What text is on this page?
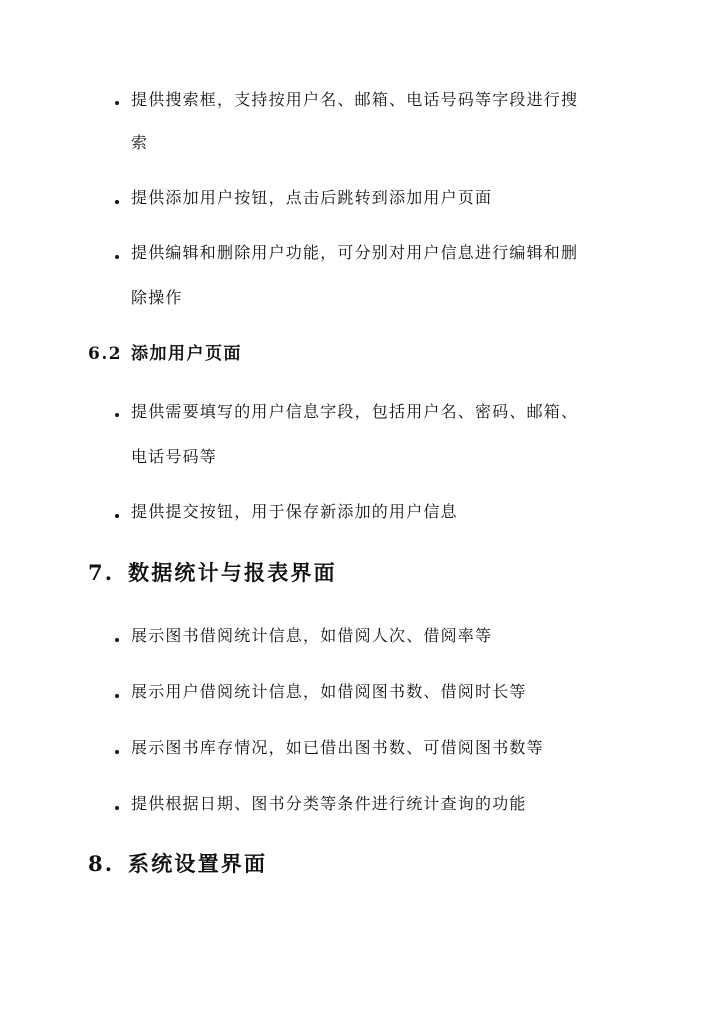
提供搜索框，支持按用户名、邮箱、电话号码等字段进行搜
索
提供添加用户按钮，点击后跳转到添加用户页面
提供编辑和删除用户功能，可分别对用户信息进行编辑和删
除操作
6.2 添加用户页面
提供需要填写的用户信息字段，包括用户名、密码、邮箱、
电话号码等
提供提交按钮，用于保存新添加的用户信息
7. 数据统计与报表界面
展示图书借阅统计信息，如借阅人次、借阅率等
展示用户借阅统计信息，如借阅图书数、借阅时长等
展示图书库存情况，如已借出图书数、可借阅图书数等
提供根据日期、图书分类等条件进行统计查询的功能
8. 系统设置界面
